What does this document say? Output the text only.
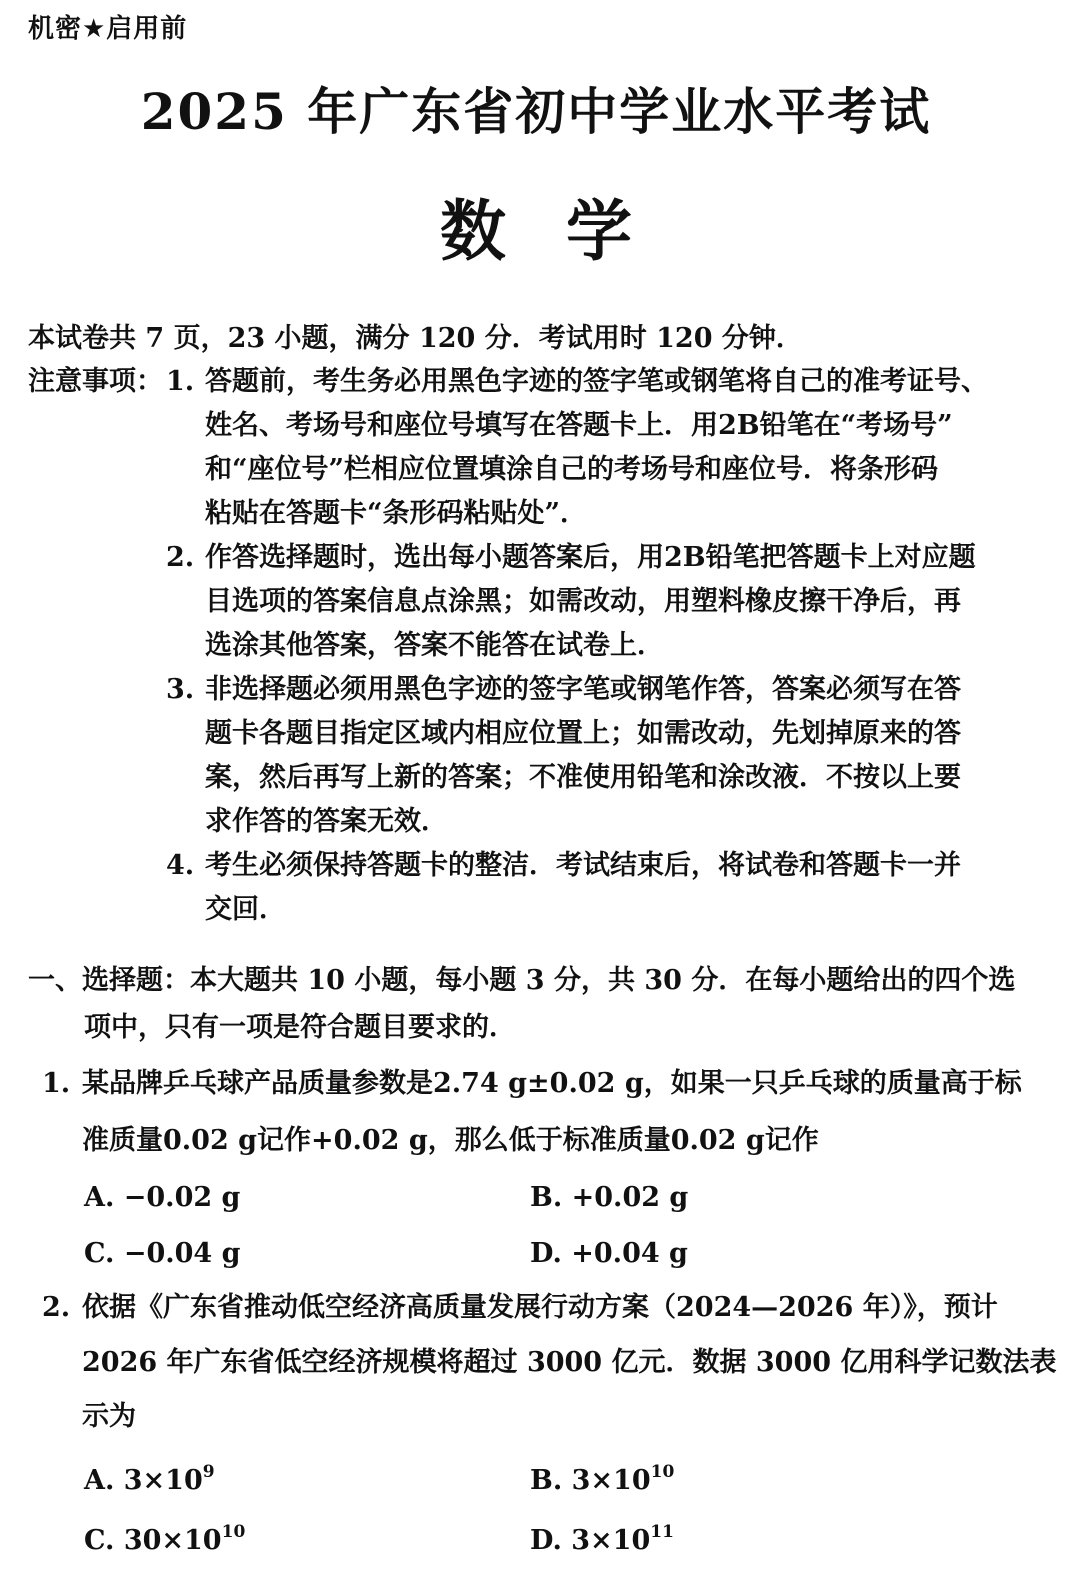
机密★启用前
2025 年广东省初中学业水平考试
数学
本试卷共 7 页，23 小题，满分 120 分．考试用时 120 分钟．
注意事项： 1. 答题前，考生务必用黑色字迹的签字笔或钢笔将自己的准考证号、
姓名、考场号和座位号填写在答题卡上．用2B铅笔在“考场号”
和“座位号”栏相应位置填涂自己的考场号和座位号．将条形码
粘贴在答题卡“条形码粘贴处”．
2. 作答选择题时，选出每小题答案后，用2B铅笔把答题卡上对应题
目选项的答案信息点涂黑；如需改动，用塑料橡皮擦干净后，再
选涂其他答案，答案不能答在试卷上．
3. 非选择题必须用黑色字迹的签字笔或钢笔作答，答案必须写在答
题卡各题目指定区域内相应位置上；如需改动，先划掉原来的答
案，然后再写上新的答案；不准使用铅笔和涂改液．不按以上要
求作答的答案无效．
4. 考生必须保持答题卡的整洁．考试结束后，将试卷和答题卡一并
交回．
一、选择题：本大题共 10 小题，每小题 3 分，共 30 分．在每小题给出的四个选
项中，只有一项是符合题目要求的．
1. 某品牌乒乓球产品质量参数是2.74 g±0.02 g，如果一只乒乓球的质量高于标
准质量0.02 g记作+0.02 g，那么低于标准质量0.02 g记作
A. −0.02 g	B. +0.02 g
C. −0.04 g	D. +0.04 g
2. 依据《广东省推动低空经济高质量发展行动方案（2024—2026 年）》，预计
2026 年广东省低空经济规模将超过 3000 亿元．数据 3000 亿用科学记数法表
示为
A. $3\times 10^9$	B. $3\times 10^{10}$
C. $30\times 10^{10}$	D. $3\times 10^{11}$
